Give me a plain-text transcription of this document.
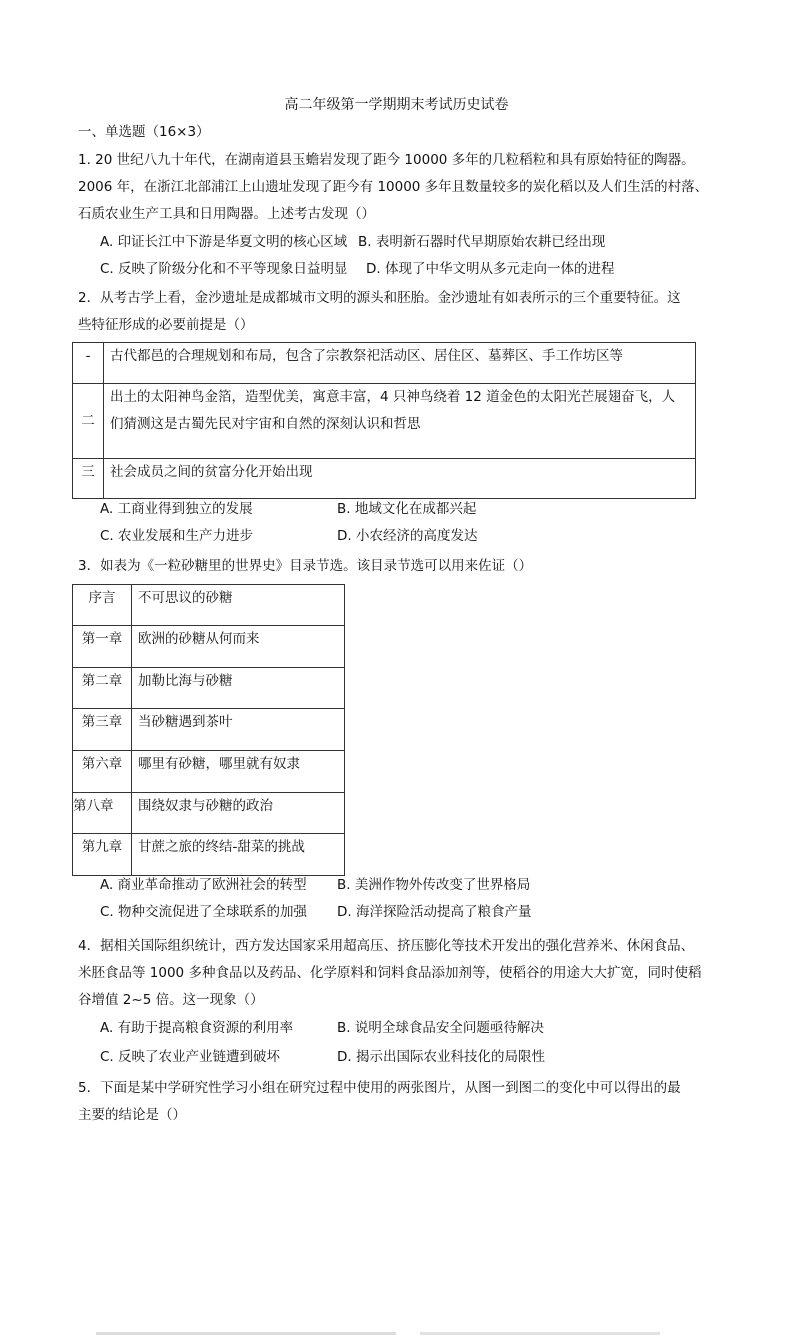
高二年级第一学期期末考试历史试卷
一、单选题（16×3）
1. 20 世纪八九十年代，在湖南道县玉蟾岩发现了距今 10000 多年的几粒稻粒和具有原始特征的陶器。
2006 年，在浙江北部浦江上山遗址发现了距今有 10000 多年且数量较多的炭化稻以及人们生活的村落、
石质农业生产工具和日用陶器。上述考古发现（）
A. 印证长江中下游是华夏文明的核心区域 B. 表明新石器时代早期原始农耕已经出现
C. 反映了阶级分化和不平等现象日益明显 D. 体现了中华文明从多元走向一体的进程
2．从考古学上看，金沙遗址是成都城市文明的源头和胚胎。金沙遗址有如表所示的三个重要特征。这
些特征形成的必要前提是（）
-	古代都邑的合理规划和布局，包含了宗教祭祀活动区、居住区、墓葬区、手工作坊区等
二	出土的太阳神鸟金箔，造型优美，寓意丰富，4 只神鸟绕着 12 道金色的太阳光芒展翅奋飞，人
们猜测这是古蜀先民对宇宙和自然的深刻认识和哲思

三	社会成员之间的贫富分化开始出现
A. 工商业得到独立的发展	B. 地域文化在成都兴起
C. 农业发展和生产力进步	D. 小农经济的高度发达
3．如表为《一粒砂糖里的世界史》目录节选。该目录节选可以用来佐证（）
序言	不可思议的砂糖
第一章	欧洲的砂糖从何而来
第二章	加勒比海与砂糖
第三章	当砂糖遇到茶叶
第六章	哪里有砂糖，哪里就有奴隶
第八章	围绕奴隶与砂糖的政治
第九章	甘蔗之旅的终结-甜菜的挑战
A. 商业革命推动了欧洲社会的转型 B. 美洲作物外传改变了世界格局
C. 物种交流促进了全球联系的加强 D. 海洋探险活动提高了粮食产量
4．据相关国际组织统计，西方发达国家采用超高压、挤压膨化等技术开发出的强化营养米、休闲食品、
米胚食品等 1000 多种食品以及药品、化学原料和饲料食品添加剂等，使稻谷的用途大大扩宽，同时使稻
谷增值 2~5 倍。这一现象（）
A. 有助于提高粮食资源的利用率	B. 说明全球食品安全问题亟待解决
C. 反映了农业产业链遭到破坏	D. 揭示出国际农业科技化的局限性
5．下面是某中学研究性学习小组在研究过程中使用的两张图片，从图一到图二的变化中可以得出的最
主要的结论是（）
